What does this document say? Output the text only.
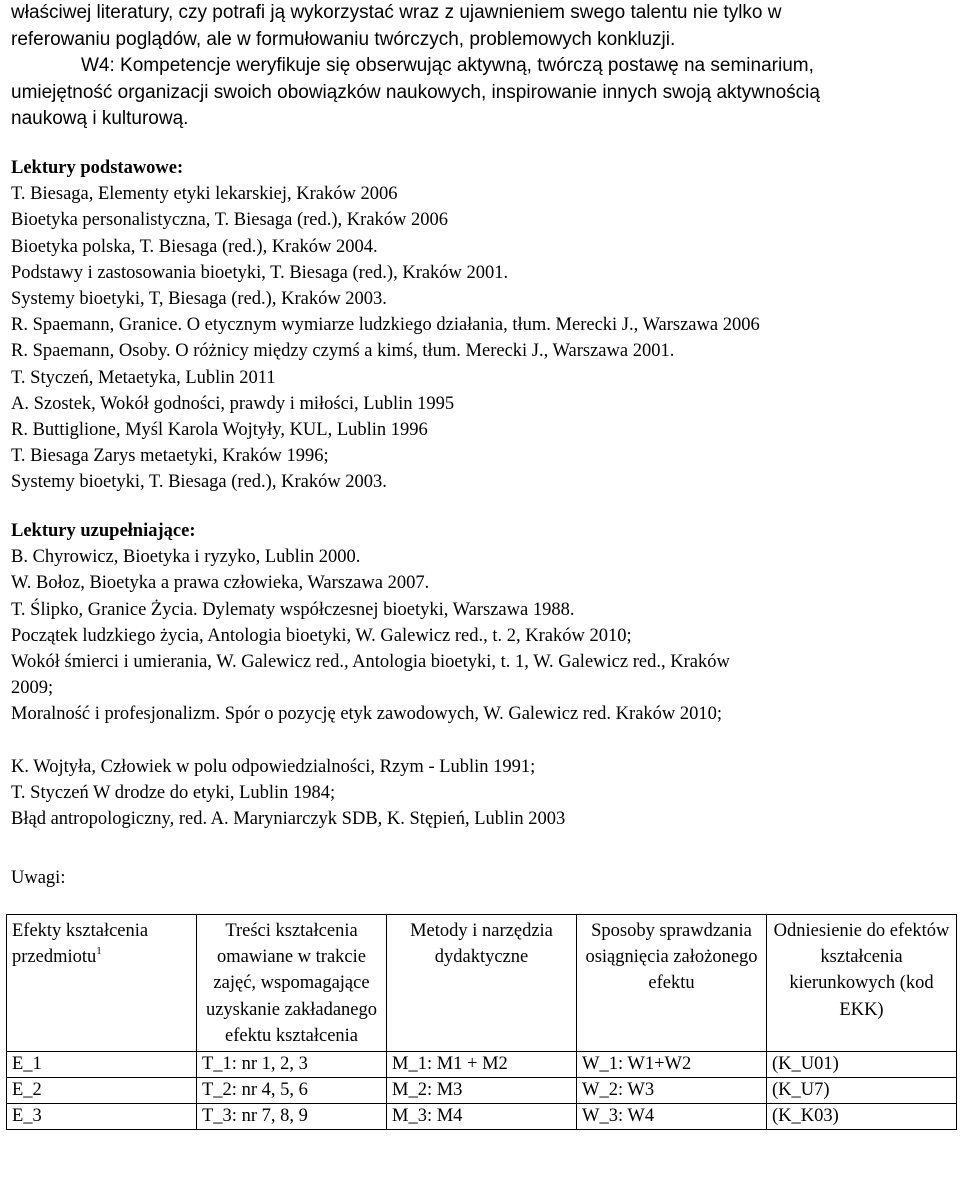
właściwej literatury, czy potrafi ją wykorzystać wraz z ujawnieniem swego talentu nie tylko w

referowaniu poglądów, ale w formułowaniu twórczych, problemowych konkluzji.

W4: Kompetencje weryfikuje się obserwując aktywną, twórczą postawę na seminarium,

umiejętność organizacji swoich obowiązków naukowych, inspirowanie innych swoją aktywnością

naukową i kulturową.

Lektury podstawowe:

T. Biesaga, Elementy etyki lekarskiej, Kraków 2006

Bioetyka personalistyczna, T. Biesaga (red.), Kraków 2006

Bioetyka polska, T. Biesaga (red.), Kraków 2004.

Podstawy i zastosowania bioetyki, T. Biesaga (red.), Kraków 2001.

Systemy bioetyki, T, Biesaga (red.), Kraków 2003.

R. Spaemann, Granice. O etycznym wymiarze ludzkiego działania, tłum. Merecki J., Warszawa 2006

R. Spaemann, Osoby. O różnicy między czymś a kimś, tłum. Merecki J., Warszawa 2001.

T. Styczeń, Metaetyka, Lublin 2011

A. Szostek, Wokół godności, prawdy i miłości, Lublin 1995

R. Buttiglione, Myśl Karola Wojtyły, KUL, Lublin 1996

T. Biesaga Zarys metaetyki, Kraków 1996;

Systemy bioetyki, T. Biesaga (red.), Kraków 2003.

Lektury uzupełniające:

B. Chyrowicz, Bioetyka i ryzyko, Lublin 2000.

W. Bołoz, Bioetyka a prawa człowieka, Warszawa 2007.

T. Ślipko, Granice Życia. Dylematy współczesnej bioetyki, Warszawa 1988.

Początek ludzkiego życia, Antologia bioetyki, W. Galewicz red., t. 2, Kraków 2010;

Wokół śmierci i umierania, W. Galewicz red., Antologia bioetyki, t. 1, W. Galewicz red., Kraków

2009;

Moralność i profesjonalizm. Spór o pozycję etyk zawodowych, W. Galewicz red. Kraków 2010;

K. Wojtyła, Człowiek w polu odpowiedzialności, Rzym - Lublin 1991;

T. Styczeń W drodze do etyki, Lublin 1984;

Błąd antropologiczny, red. A. Maryniarczyk SDB, K. Stępień, Lublin 2003

Uwagi:
Efekty kształcenia przedmiotu$^1$	Treści kształcenia omawiane w trakcie zajęć, wspomagające uzyskanie zakładanego efektu kształcenia	Metody i narzędzia dydaktyczne	Sposoby sprawdzania osiągnięcia założonego efektu	Odniesienie do efektów kształcenia kierunkowych (kod EKK)
E_1	T_1: nr 1, 2, 3	M_1: M1 + M2	W_1: W1+W2	(K_U01)
E_2	T_2: nr 4, 5, 6	M_2: M3	W_2: W3	(K_U7)
E_3	T_3: nr 7, 8, 9	M_3: M4	W_3: W4	(K_K03)
